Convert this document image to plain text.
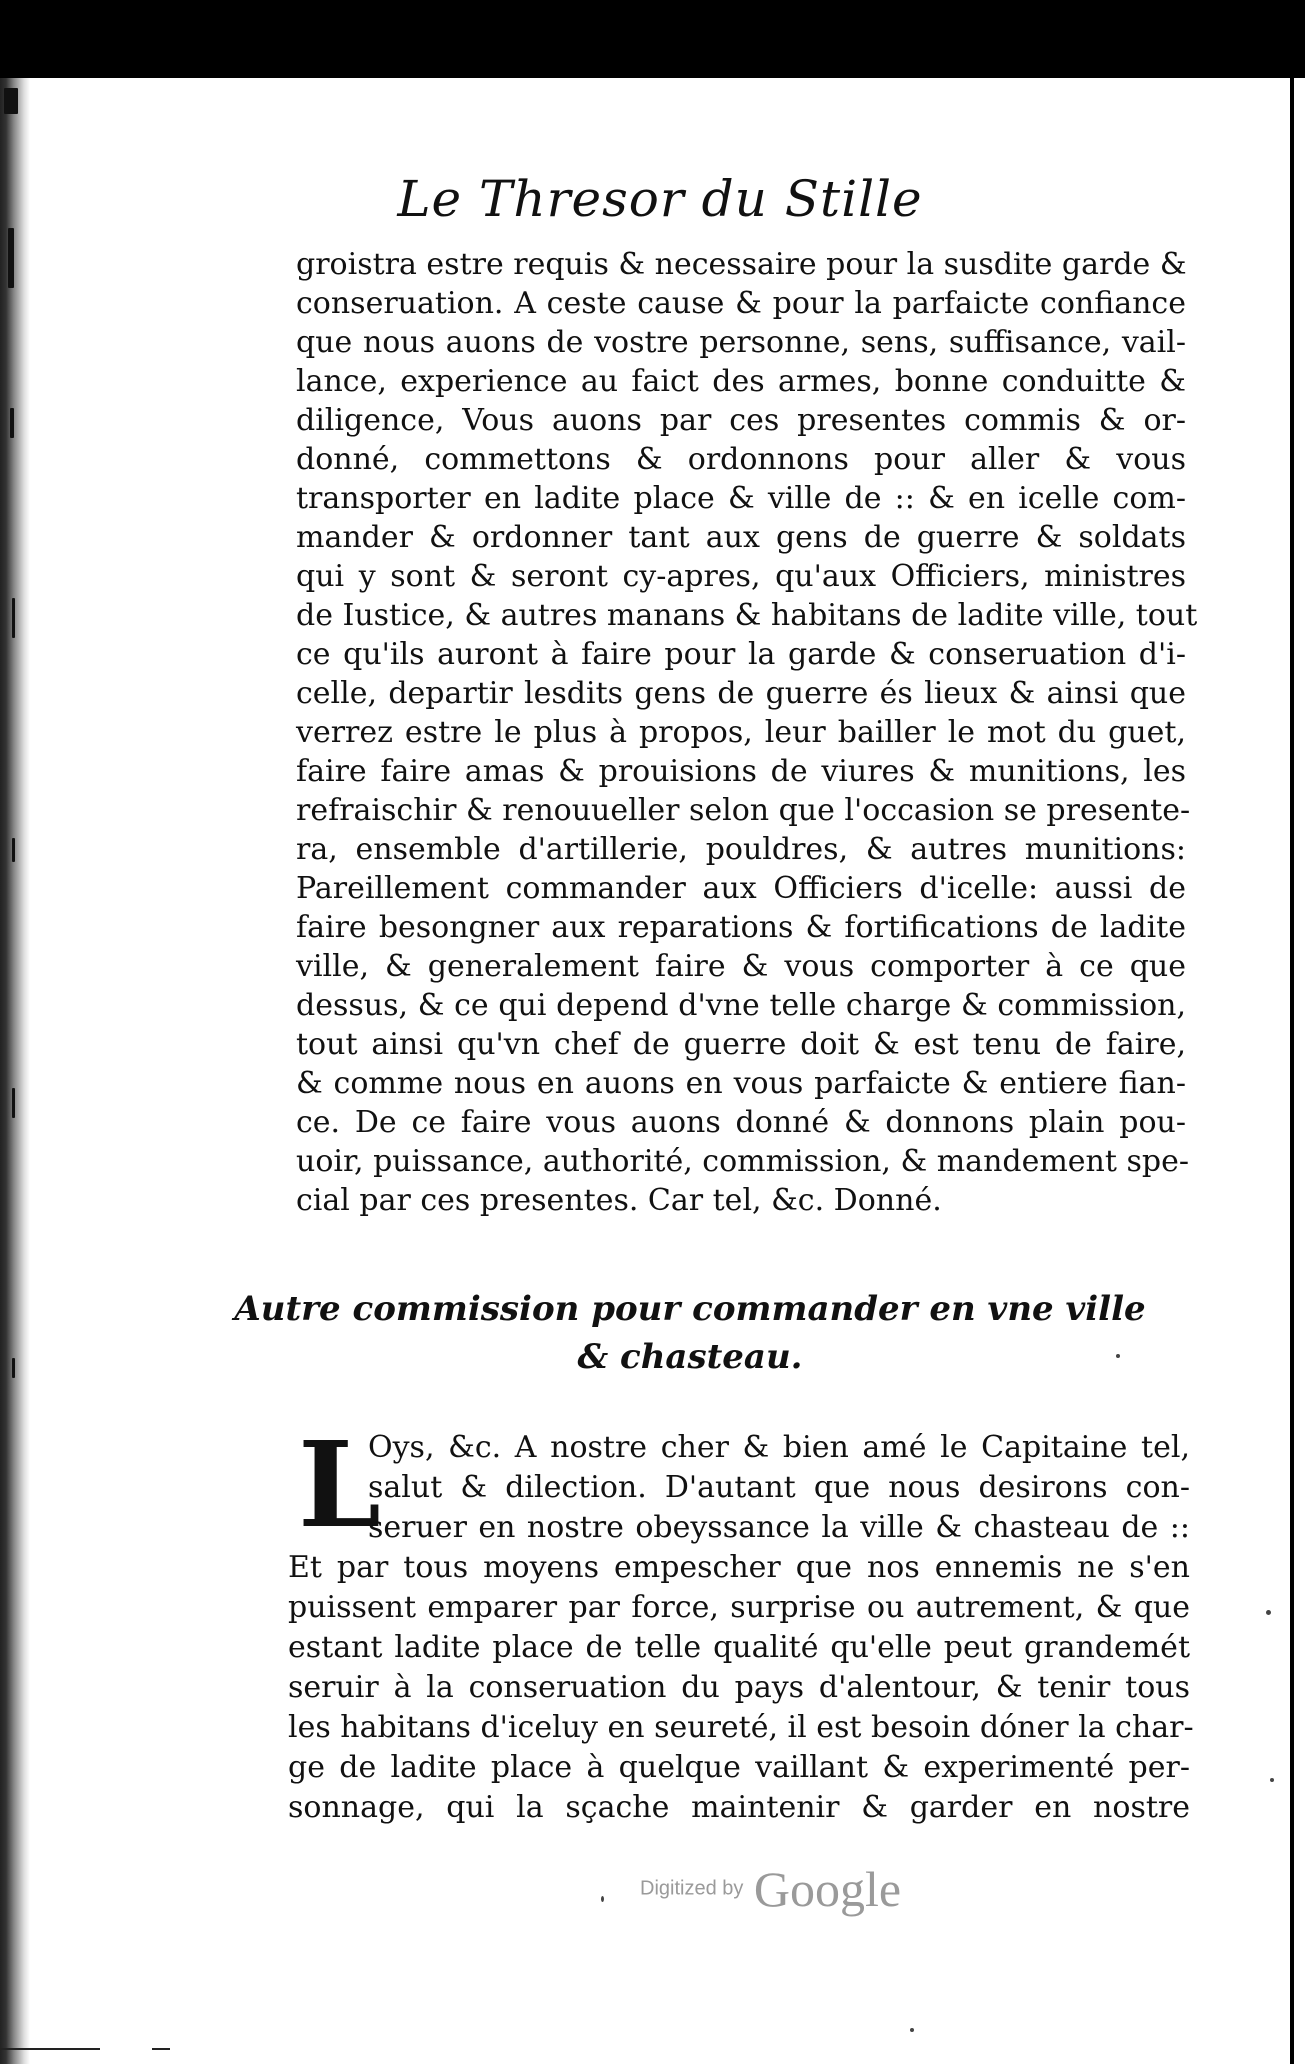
Le Thresor du Stille
groistra estre requis & necessaire pour la susdite garde &
conseruation. A ceste cause & pour la parfaicte confiance
que nous auons de vostre personne, sens, suffisance, vail-
lance, experience au faict des armes, bonne conduitte &
diligence, Vous auons par ces presentes commis & or-
donné, commettons & ordonnons pour aller & vous
transporter en ladite place & ville de :: & en icelle com-
mander & ordonner tant aux gens de guerre & soldats
qui y sont & seront cy-apres, qu'aux Officiers, ministres
de Iustice, & autres manans & habitans de ladite ville, tout
ce qu'ils auront à faire pour la garde & conseruation d'i-
celle, departir lesdits gens de guerre és lieux & ainsi que
verrez estre le plus à propos, leur bailler le mot du guet,
faire faire amas & prouisions de viures & munitions, les
refraischir & renouueller selon que l'occasion se presente-
ra, ensemble d'artillerie, pouldres, & autres munitions:
Pareillement commander aux Officiers d'icelle: aussi de
faire besongner aux reparations & fortifications de ladite
ville, & generalement faire & vous comporter à ce que
dessus, & ce qui depend d'vne telle charge & commission,
tout ainsi qu'vn chef de guerre doit & est tenu de faire,
& comme nous en auons en vous parfaicte & entiere fian-
ce. De ce faire vous auons donné & donnons plain pou-
uoir, puissance, authorité, commission, & mandement spe-
cial par ces presentes. Car tel, &c. Donné.
Autre commission pour commander en vne ville
& chasteau.
L
Oys, &c. A nostre cher & bien amé le Capitaine tel,
salut & dilection. D'autant que nous desirons con-
seruer en nostre obeyssance la ville & chasteau de ::
Et par tous moyens empescher que nos ennemis ne s'en
puissent emparer par force, surprise ou autrement, & que
estant ladite place de telle qualité qu'elle peut grandemét
seruir à la conseruation du pays d'alentour, & tenir tous
les habitans d'iceluy en seureté, il est besoin dóner la char-
ge de ladite place à quelque vaillant & experimenté per-
sonnage, qui la sçache maintenir & garder en nostre
Digitized by Google
